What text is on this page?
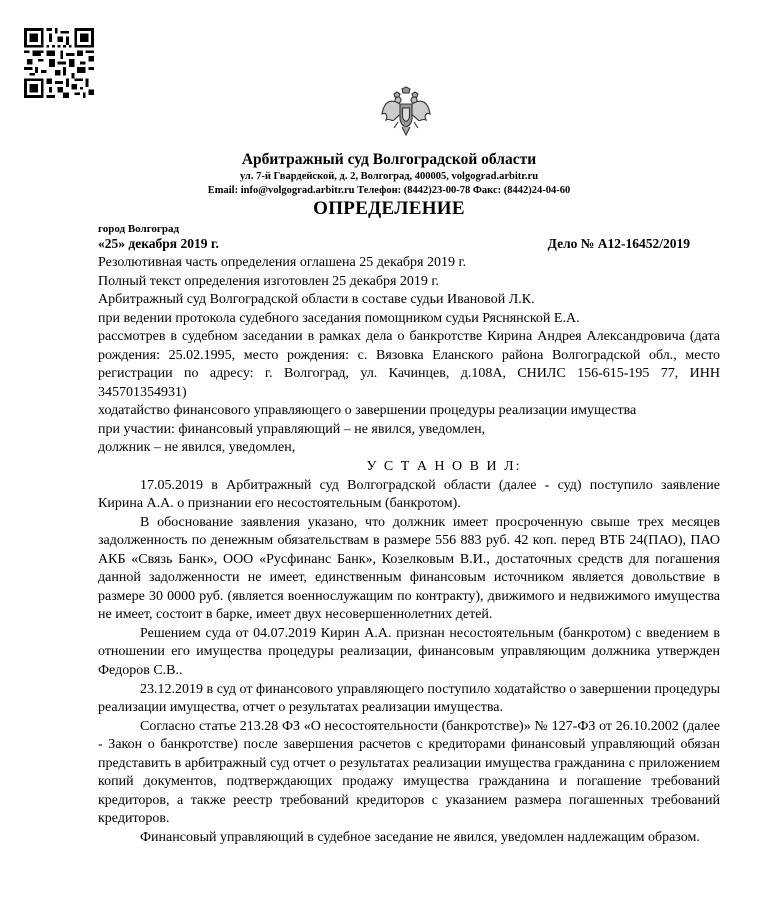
Арбитражный суд Волгоградской области
ул. 7-й Гвардейской, д. 2, Волгоград, 400005, volgograd.arbitr.ru
Email: info@volgograd.arbitr.ru Телефон: (8442)23-00-78 Факс: (8442)24-04-60
ОПРЕДЕЛЕНИЕ
город Волгоград
«25» декабря 2019 г.	Дело № А12-16452/2019

Резолютивная часть определения оглашена 25 декабря 2019 г.

Полный текст определения изготовлен 25 декабря 2019 г.

Арбитражный суд Волгоградской области в составе судьи Ивановой Л.К.

при ведении протокола судебного заседания помощником судьи Ряснянской Е.А.

рассмотрев в судебном заседании в рамках дела о банкротстве Кирина Андрея Александровича (дата рождения: 25.02.1995, место рождения: с. Вязовка Еланского района Волгоградской обл., место регистрации по адресу: г. Волгоград, ул. Качинцев, д.108А, СНИЛС 156-615-195 77, ИНН 345701354931)

ходатайство финансового управляющего о завершении процедуры реализации имущества

при участии: финансовый управляющий – не явился, уведомлен,

должник – не явился, уведомлен,

У С Т А Н О В И Л:

17.05.2019 в Арбитражный суд Волгоградской области (далее - суд) поступило заявление Кирина А.А. о признании его несостоятельным (банкротом).

В обоснование заявления указано, что должник имеет просроченную свыше трех месяцев задолженность по денежным обязательствам в размере 556 883 руб. 42 коп. перед ВТБ 24(ПАО), ПАО АКБ «Связь Банк», ООО «Русфинанс Банк», Козелковым В.И., достаточных средств для погашения данной задолженности не имеет, единственным финансовым источником является довольствие в размере 30 0000 руб. (является военнослужащим по контракту), движимого и недвижимого имущества не имеет, состоит в барке, имеет двух несовершеннолетних детей.

Решением суда от 04.07.2019 Кирин А.А. признан несостоятельным (банкротом) с введением в отношении его имущества процедуры реализации, финансовым управляющим должника утвержден Федоров С.В..

23.12.2019 в суд от финансового управляющего поступило ходатайство о завершении процедуры реализации имущества, отчет о результатах реализации имущества.

Согласно статье 213.28 ФЗ «О несостоятельности (банкротстве)» № 127-ФЗ от 26.10.2002 (далее - Закон о банкротстве) после завершения расчетов с кредиторами финансовый управляющий обязан представить в арбитражный суд отчет о результатах реализации имущества гражданина с приложением копий документов, подтверждающих продажу имущества гражданина и погашение требований кредиторов, а также реестр требований кредиторов с указанием размера погашенных требований кредиторов.

Финансовый управляющий в судебное заседание не явился, уведомлен надлежащим образом.
